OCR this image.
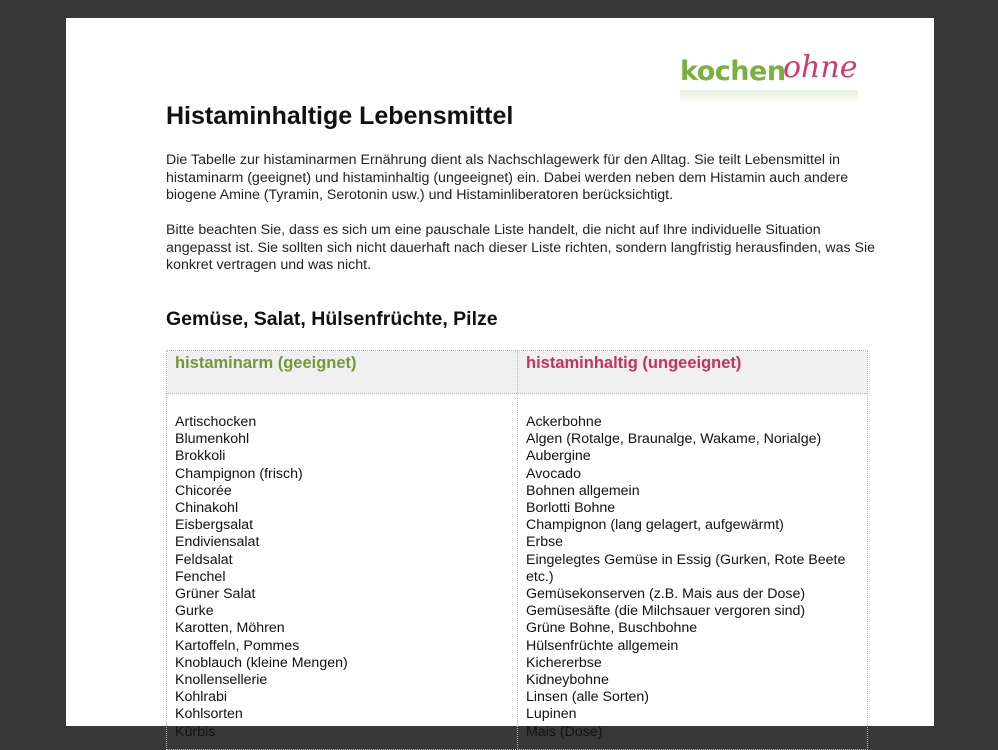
kochen
ohne
Histaminhaltige Lebensmittel

Die Tabelle zur histaminarmen Ernährung dient als Nachschlagewerk für den Alltag. Sie teilt Lebensmittel in histaminarm (geeignet) und histaminhaltig (ungeeignet) ein. Dabei werden neben dem Histamin auch andere biogene Amine (Tyramin, Serotonin usw.) und Histaminliberatoren berücksichtigt.

Bitte beachten Sie, dass es sich um eine pauschale Liste handelt, die nicht auf Ihre individuelle Situation angepasst ist. Sie sollten sich nicht dauerhaft nach dieser Liste richten, sondern langfristig herausfinden, was Sie konkret vertragen und was nicht.

Gemüse, Salat, Hülsenfrüchte, Pilze
histaminarm (geeignet)	histaminhaltig (ungeeignet)
Artischocken
Blumenkohl
Brokkoli
Champignon (frisch)
Chicorée
Chinakohl
Eisbergsalat
Endiviensalat
Feldsalat
Fenchel
Grüner Salat
Gurke
Karotten, Möhren
Kartoffeln, Pommes
Knoblauch (kleine Mengen)
Knollensellerie
Kohlrabi
Kohlsorten
Kürbis
Ackerbohne
Algen (Rotalge, Braunalge, Wakame, Norialge)
Aubergine
Avocado
Bohnen allgemein
Borlotti Bohne
Champignon (lang gelagert, aufgewärmt)
Erbse
Eingelegtes Gemüse in Essig (Gurken, Rote Beete etc.)
Gemüsekonserven (z.B. Mais aus der Dose)
Gemüsesäfte (die Milchsauer vergoren sind)
Grüne Bohne, Buschbohne
Hülsenfrüchte allgemein
Kichererbse
Kidneybohne
Linsen (alle Sorten)
Lupinen
Mais (Dose)
